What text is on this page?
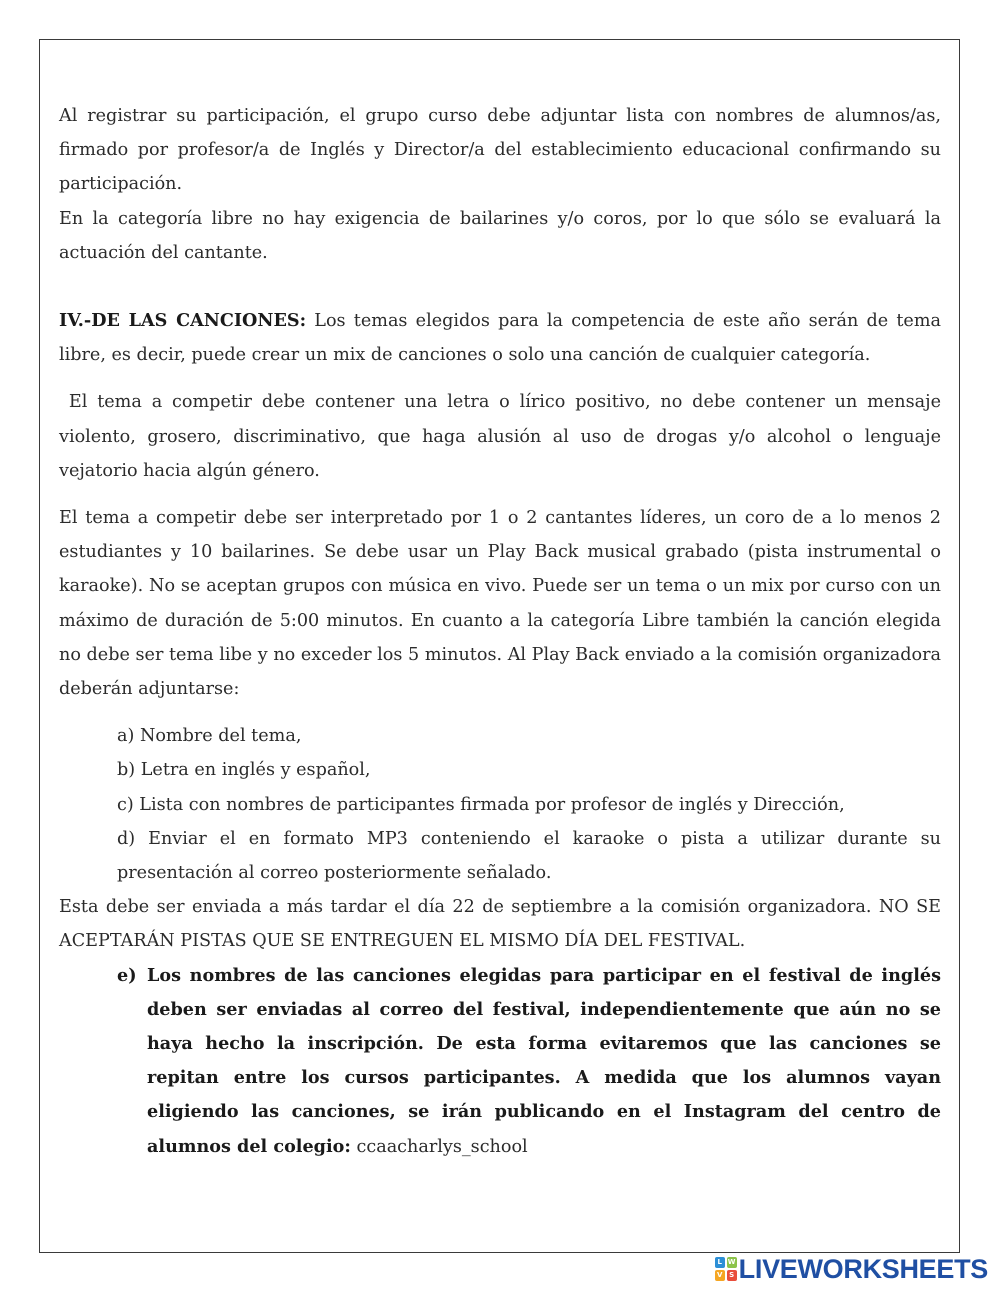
Al registrar su participación, el grupo curso debe adjuntar lista con nombres de alumnos/as, firmado por profesor/a de Inglés y Director/a del establecimiento educacional confirmando su participación.

En la categoría libre no hay exigencia de bailarines y/o coros, por lo que sólo se evaluará la actuación del cantante.

IV.-DE LAS CANCIONES: Los temas elegidos para la competencia de este año serán de tema libre, es decir, puede crear un mix de canciones o solo una canción de cualquier categoría.

El tema a competir debe contener una letra o lírico positivo, no debe contener un mensaje violento, grosero, discriminativo, que haga alusión al uso de drogas y/o alcohol o lenguaje vejatorio hacia algún género.

El tema a competir debe ser interpretado por 1 o 2 cantantes líderes, un coro de a lo menos 2 estudiantes y 10 bailarines. Se debe usar un Play Back musical grabado (pista instrumental o karaoke). No se aceptan grupos con música en vivo. Puede ser un tema o un mix por curso con un máximo de duración de 5:00 minutos. En cuanto a la categoría Libre también la canción elegida no debe ser tema libe y no exceder los 5 minutos. Al Play Back enviado a la comisión organizadora deberán adjuntarse:

a) Nombre del tema,
b) Letra en inglés y español,
c) Lista con nombres de participantes firmada por profesor de inglés y Dirección,
d) Enviar el en formato MP3 conteniendo el karaoke o pista a utilizar durante su presentación al correo posteriormente señalado.

Esta debe ser enviada a más tardar el día 22 de septiembre a la comisión organizadora. NO SE ACEPTARÁN PISTAS QUE SE ENTREGUEN EL MISMO DÍA DEL FESTIVAL.

e) Los nombres de las canciones elegidas para participar en el festival de inglés deben ser enviadas al correo del festival, independientemente que aún no se haya hecho la inscripción. De esta forma evitaremos que las canciones se repitan entre los cursos participantes. A medida que los alumnos vayan eligiendo las canciones, se irán publicando en el Instagram del centro de alumnos del colegio: ccaacharlys_school
L W
V S LIVEWORKSHEETS
